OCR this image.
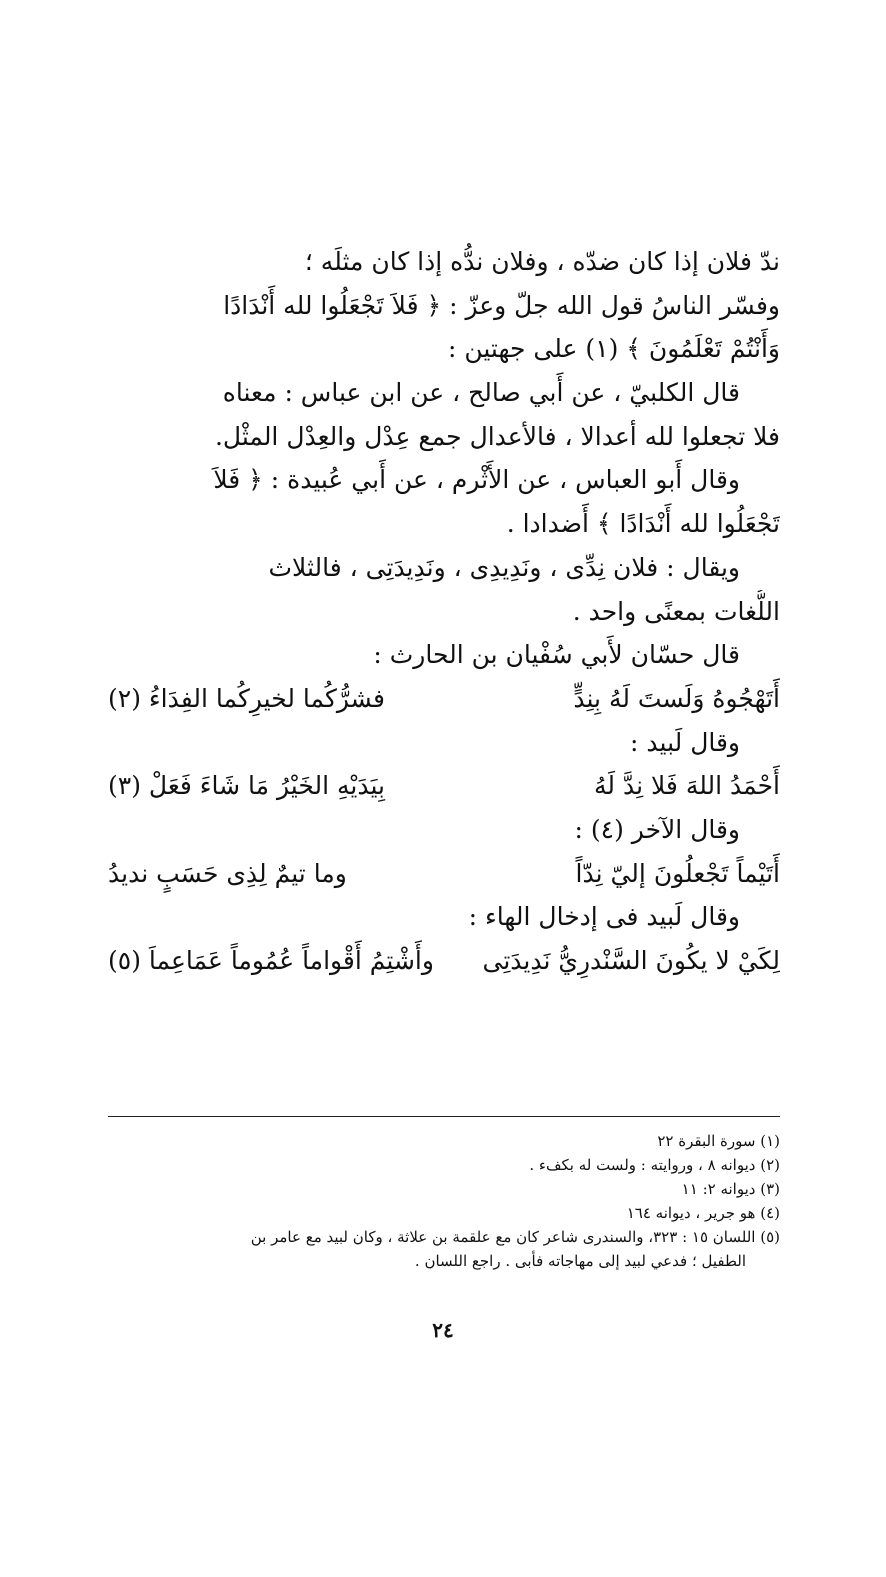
ندّ فلان إذا كان ضدّه ، وفلان ندُّه إذا كان مثلَه ؛
وفسّر الناسُ قول الله جلّ وعزّ : ﴿ فَلاَ تَجْعَلُوا لله أَنْدَادًا
وَأَنْتُمْ تَعْلَمُونَ ﴾ (١) على جهتين :
قال الكلبيّ ، عن أَبي صالح ، عن ابن عباس : معناه
فلا تجعلوا لله أعدالا ، فالأعدال جمع عِدْل والعِدْل المثْل.
وقال أَبو العباس ، عن الأَثْرم ، عن أَبي عُبيدة : ﴿ فَلاَ
تَجْعَلُوا لله أَنْدَادًا ﴾ أَضدادا .
ويقال : فلان نِدِّى ، ونَدِيدِى ، ونَدِيدَتِى ، فالثلاث
اللُّغات بمعنًى واحد .
قال حسّان لأَبي سُفْيان بن الحارث :
أَتَهْجُوهُ وَلَستَ لَهُ بِنِدٍّ
فشرُّكُما لخيرِكُما الفِدَاءُ (٢)
وقال لَبيد :
أَحْمَدُ اللهَ فَلا نِدَّ لَهُ
بِيَدَيْهِ الخَيْرُ مَا شَاءَ فَعَلْ (٣)
وقال الآخر (٤) :
أَتَيْماً تَجْعلُونَ إليّ نِدّاً
وما تيمٌ لِذِى حَسَبٍ نديدُ
وقال لَبيد فى إدخال الهاء :
لِكَيْ لا يكُونَ السَّنْدرِيُّ نَدِيدَتِى
وأَشْتِمُ أَقْواماً عُمُوماً عَمَاعِماَ (٥)
(١) سورة البقرة ٢٢
(٢) ديوانه ٨ ، وروايته : ولست له بكفء .
(٣) ديوانه ٢: ١١
(٤) هو جرير ، ديوانه ١٦٤
(٥) اللسان ١٥ : ٣٢٣، والسندرى شاعر كان مع علقمة بن علاثة ، وكان لبيد مع عامر بن
الطفيل ؛ فدعي لبيد إلى مهاجاته فأبى . راجع اللسان .
٢٤
